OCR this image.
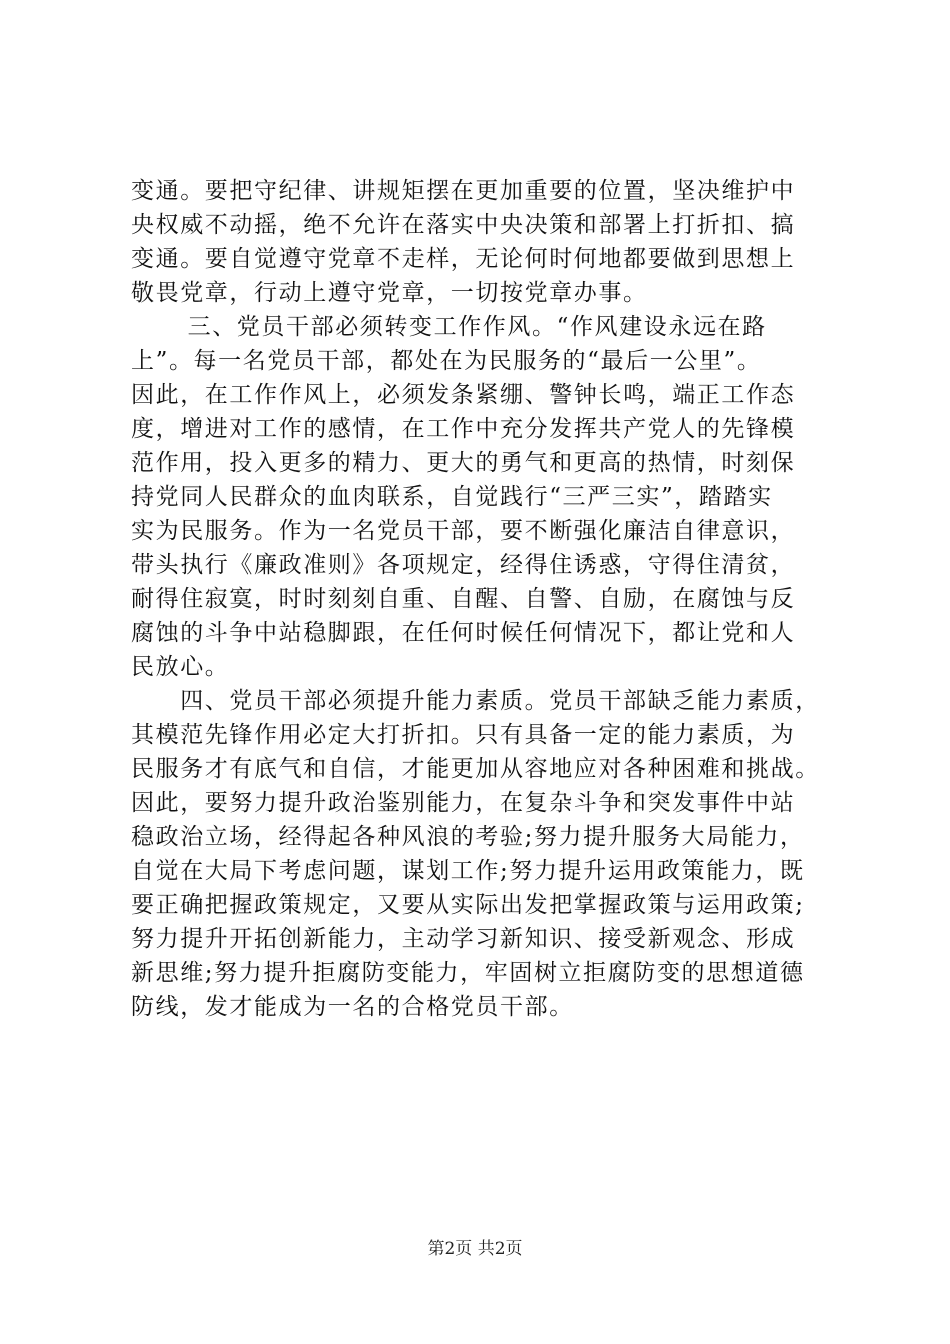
变通。要把守纪律、讲规矩摆在更加重要的位置，坚决维护中
央权威不动摇，绝不允许在落实中央决策和部署上打折扣、搞
变通。要自觉遵守党章不走样，无论何时何地都要做到思想上
敬畏党章，行动上遵守党章，一切按党章办事。
　三、党员干部必须转变工作作风。“作风建设永远在路
上”。每一名党员干部，都处在为民服务的“最后一公里”。
因此，在工作作风上，必须发条紧绷、警钟长鸣，端正工作态
度，增进对工作的感情，在工作中充分发挥共产党人的先锋模
范作用，投入更多的精力、更大的勇气和更高的热情，时刻保
持党同人民群众的血肉联系，自觉践行“三严三实”，踏踏实
实为民服务。作为一名党员干部，要不断强化廉洁自律意识，
带头执行《廉政准则》各项规定，经得住诱惑，守得住清贫，
耐得住寂寞，时时刻刻自重、自醒、自警、自励，在腐蚀与反
腐蚀的斗争中站稳脚跟，在任何时候任何情况下，都让党和人
民放心。
　　四、党员干部必须提升能力素质。党员干部缺乏能力素质，
其模范先锋作用必定大打折扣。只有具备一定的能力素质，为
民服务才有底气和自信，才能更加从容地应对各种困难和挑战。
因此，要努力提升政治鉴别能力，在复杂斗争和突发事件中站
稳政治立场，经得起各种风浪的考验;努力提升服务大局能力，
自觉在大局下考虑问题，谋划工作;努力提升运用政策能力，既
要正确把握政策规定，又要从实际出发把掌握政策与运用政策;
努力提升开拓创新能力，主动学习新知识、接受新观念、形成
新思维;努力提升拒腐防变能力，牢固树立拒腐防变的思想道德
防线，发才能成为一名的合格党员干部。
第2页 共2页
